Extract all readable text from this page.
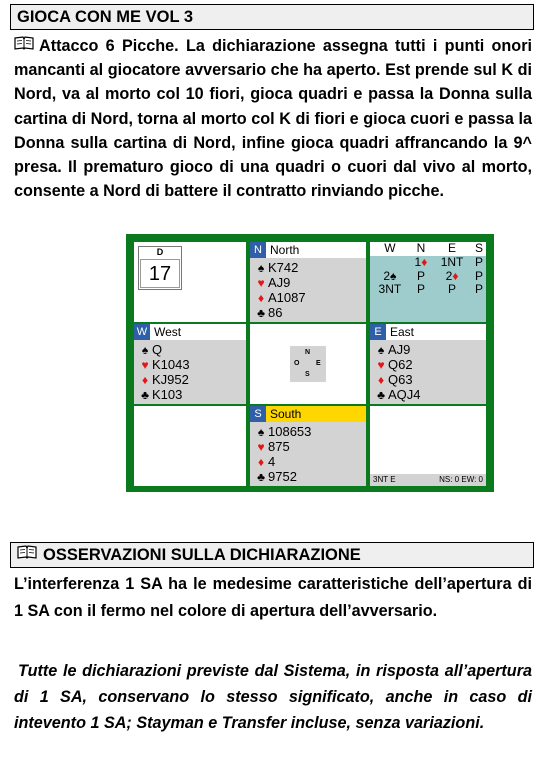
GIOCA CON ME VOL 3
Attacco 6 Picche. La dichiarazione assegna tutti i punti onori mancanti al giocatore avversario che ha aperto. Est prende sul K di Nord, va al morto col 10 fiori, gioca quadri e passa la Donna sulla cartina di Nord, torna al morto col K di fiori e gioca cuori e passa la Donna sulla cartina di Nord, infine gioca quadri affrancando la 9^ presa. Il prematuro gioco di una quadri o cuori dal vivo al morto, consente a Nord di battere il contratto rinviando picche.
D
17
N North
♠ K742
♥ AJ9
♦ A1087
♣ 86
W	N	E	S
	1♦	1NT	P
2♠	P	2♦	P
3NT	P	P	P
W West
♠ Q
♥ K1043
♦ KJ952
♣ K103
N
O E
S
E East
♠ AJ9
♥ Q62
♦ Q63
♣ AQJ4
S South
♠ 108653
♥ 875
♦ 4
♣ 9752	3NT E	NS: 0 EW: 0
OSSERVAZIONI SULLA DICHIARAZIONE
L’interferenza 1 SA ha le medesime caratteristiche dell’apertura di 1 SA con il fermo nel colore di apertura dell’avversario.
Tutte le dichiarazioni previste dal Sistema, in risposta all’apertura di 1 SA, conservano lo stesso significato, anche in caso di intevento 1 SA; Stayman e Transfer incluse, senza variazioni.
